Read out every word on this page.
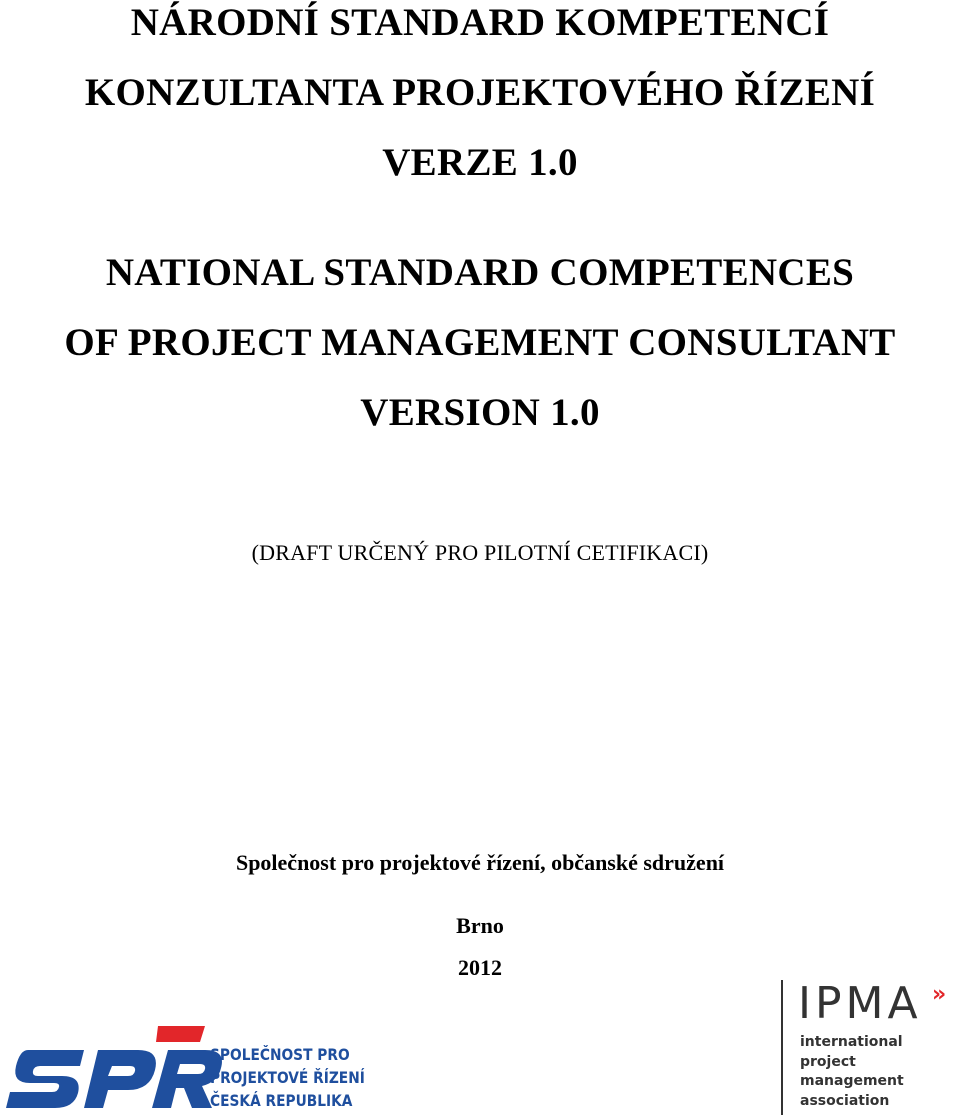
NÁRODNÍ STANDARD KOMPETENCÍ
KONZULTANTA PROJEKTOVÉHO ŘÍZENÍ
VERZE 1.0
NATIONAL STANDARD COMPETENCES
OF PROJECT MANAGEMENT CONSULTANT
VERSION 1.0
(DRAFT URČENÝ PRO PILOTNÍ CETIFIKACI)
Společnost pro projektové řízení, občanské sdružení
Brno
2012
SPOLEČNOST PRO
PROJEKTOVÉ ŘÍZENÍ
ČESKÁ REPUBLIKA
IPMA »
international
project
management
association
